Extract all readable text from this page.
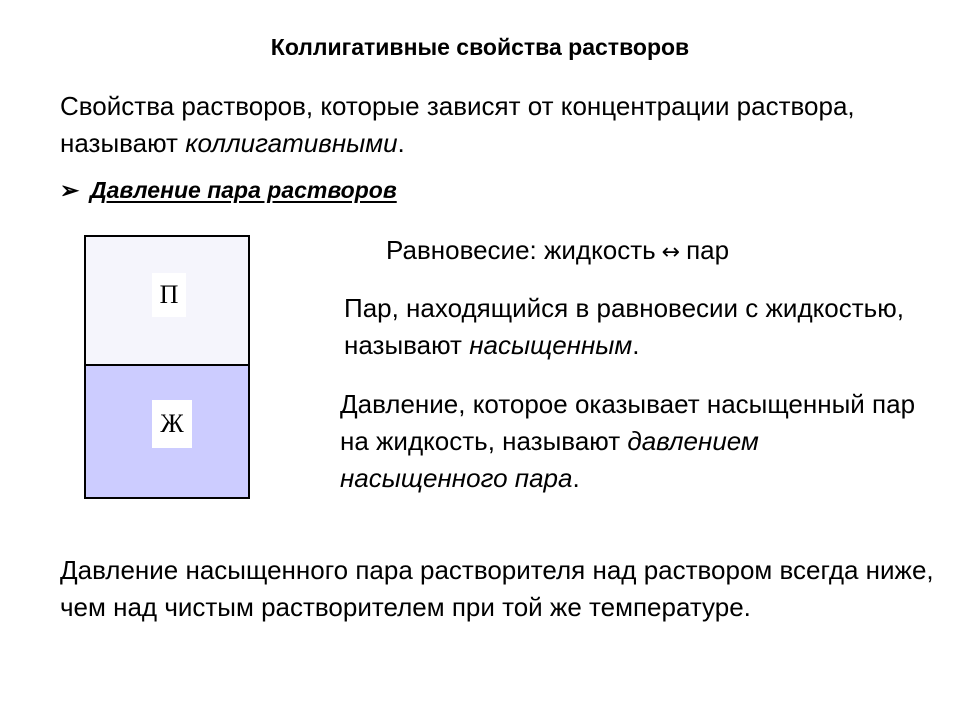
Коллигативные свойства растворов
Свойства растворов, которые зависят от концентрации раствора, называют коллигативными.
➢ Давление пара растворов
П
Ж
Равновесие: жидкость ↔ пар
Пар, находящийся в равновесии с жидкостью, называют насыщенным.
Давление, которое оказывает насыщенный пар на жидкость, называют давлением насыщенного пара.
Давление насыщенного пара растворителя над раствором всегда ниже, чем над чистым растворителем при той же температуре.
